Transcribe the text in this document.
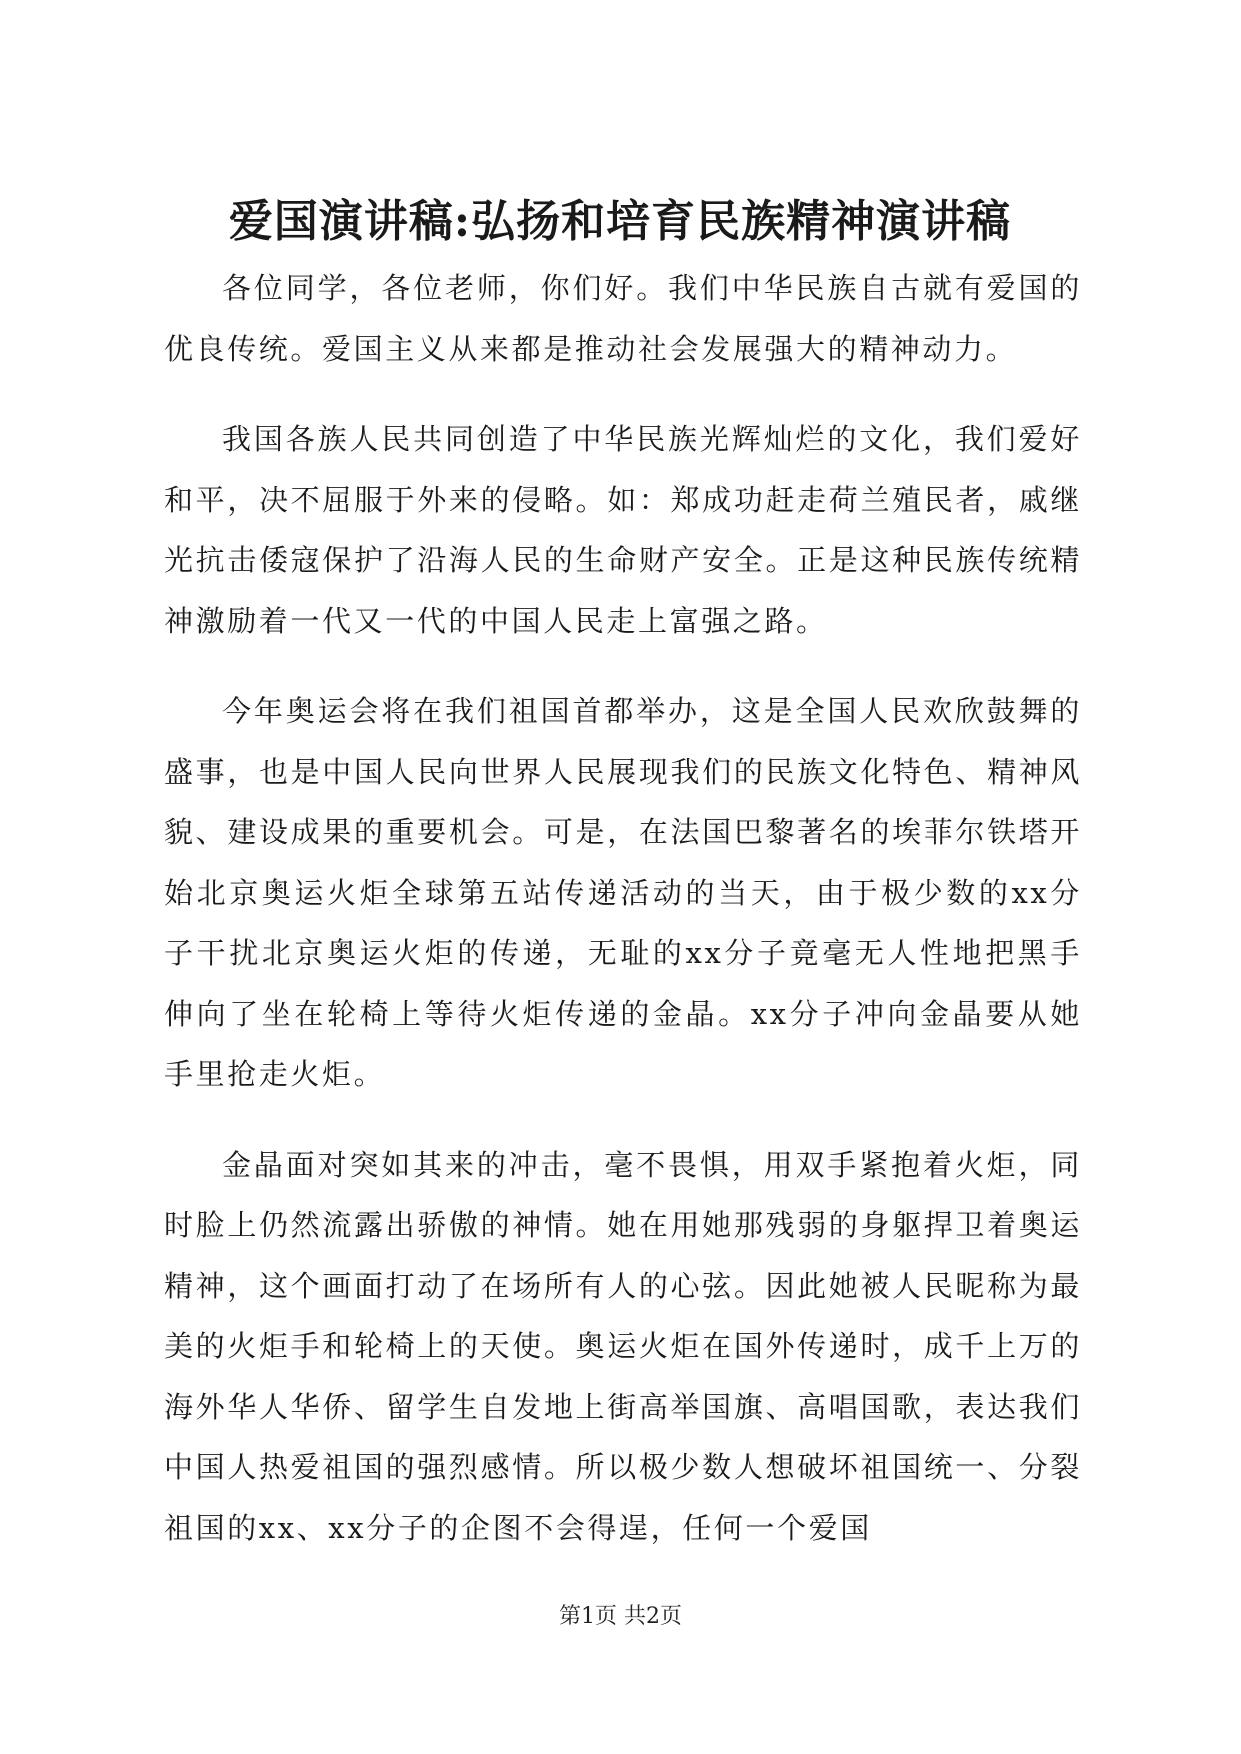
爱国演讲稿:弘扬和培育民族精神演讲稿

各位同学，各位老师，你们好。我们中华民族自古就有爱国的优良传统。爱国主义从来都是推动社会发展强大的精神动力。

我国各族人民共同创造了中华民族光辉灿烂的文化，我们爱好和平，决不屈服于外来的侵略。如：郑成功赶走荷兰殖民者，戚继光抗击倭寇保护了沿海人民的生命财产安全。正是这种民族传统精神激励着一代又一代的中国人民走上富强之路。

今年奥运会将在我们祖国首都举办，这是全国人民欢欣鼓舞的盛事，也是中国人民向世界人民展现我们的民族文化特色、精神风貌、建设成果的重要机会。可是，在法国巴黎著名的埃菲尔铁塔开始北京奥运火炬全球第五站传递活动的当天，由于极少数的xx分子干扰北京奥运火炬的传递，无耻的xx分子竟毫无人性地把黑手伸向了坐在轮椅上等待火炬传递的金晶。xx分子冲向金晶要从她手里抢走火炬。

金晶面对突如其来的冲击，毫不畏惧，用双手紧抱着火炬，同时脸上仍然流露出骄傲的神情。她在用她那残弱的身躯捍卫着奥运精神，这个画面打动了在场所有人的心弦。因此她被人民昵称为最美的火炬手和轮椅上的天使。奥运火炬在国外传递时，成千上万的海外华人华侨、留学生自发地上街高举国旗、高唱国歌，表达我们中国人热爱祖国的强烈感情。所以极少数人想破坏祖国统一、分裂祖国的xx、xx分子的企图不会得逞，任何一个爱国

第1页 共2页
